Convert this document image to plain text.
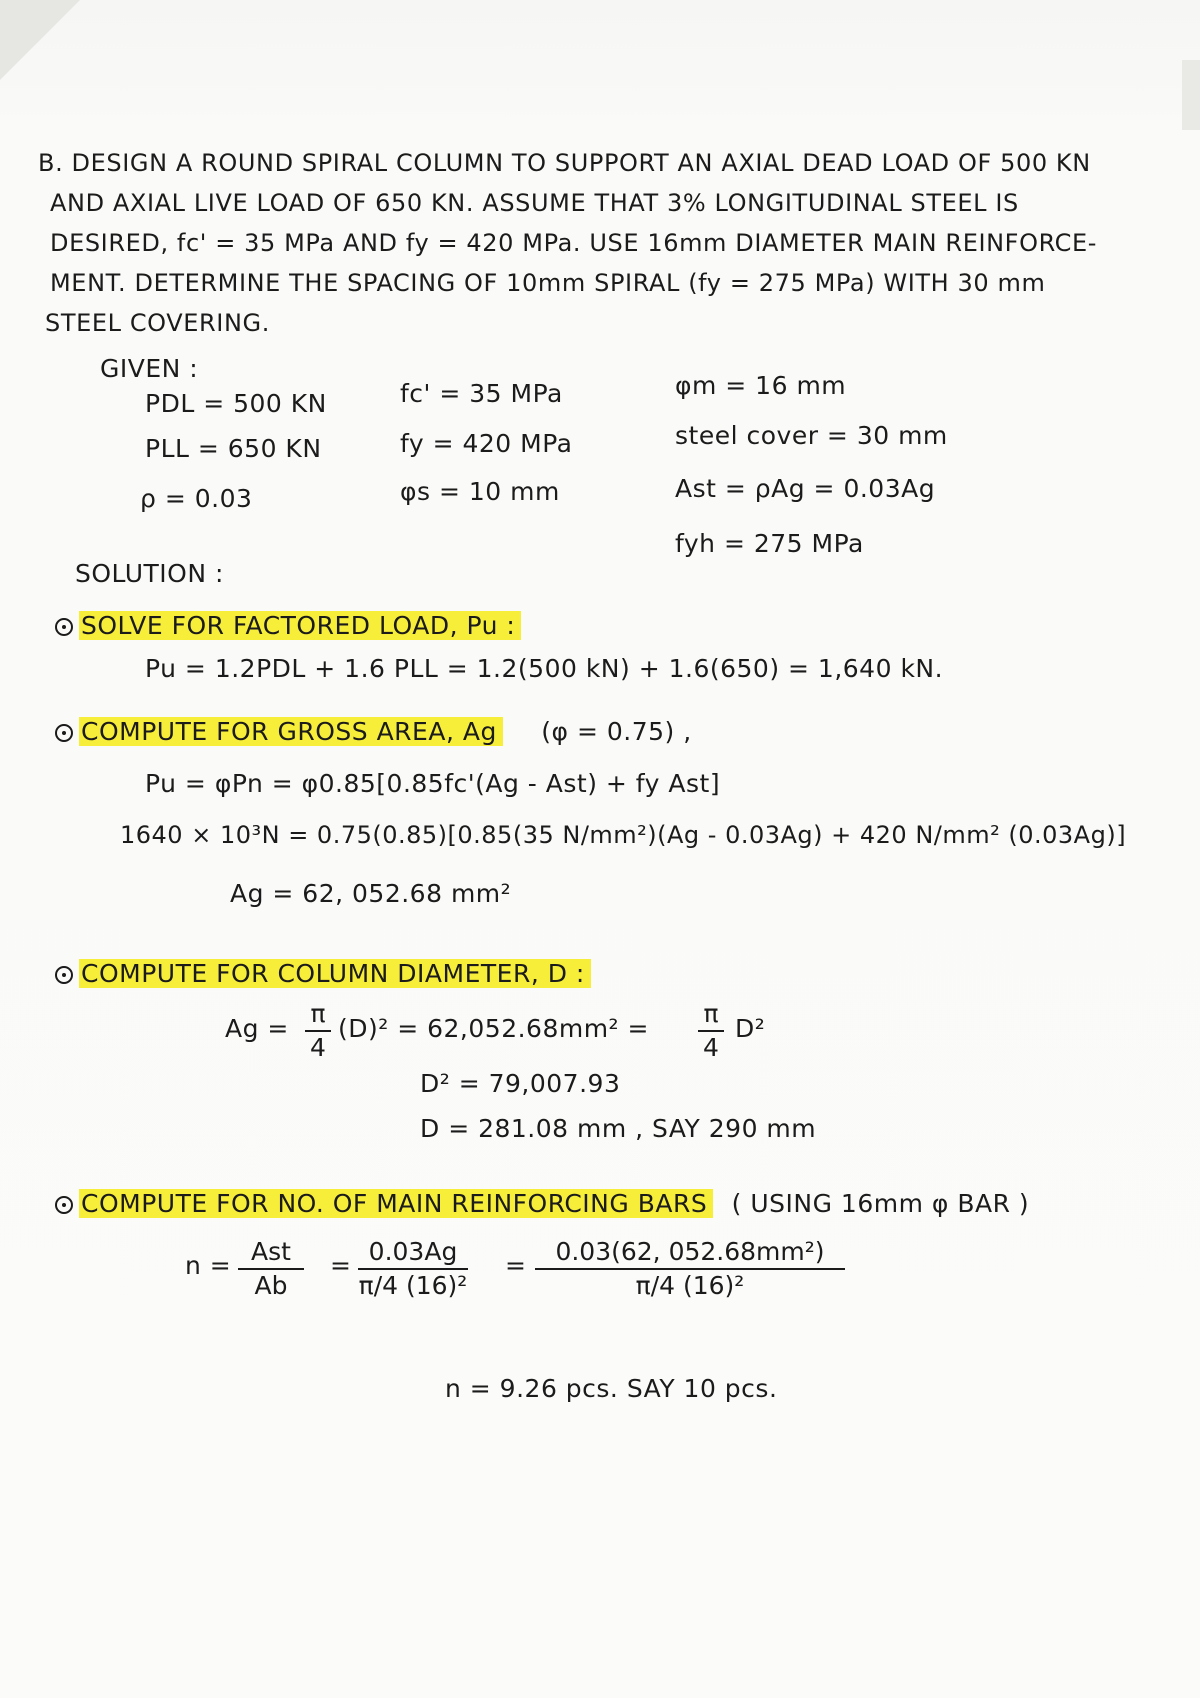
B. DESIGN A ROUND SPIRAL COLUMN TO SUPPORT AN AXIAL DEAD LOAD OF 500 KN
AND AXIAL LIVE LOAD OF 650 KN. ASSUME THAT 3% LONGITUDINAL STEEL IS
DESIRED, fc' = 35 MPa AND fy = 420 MPa. USE 16mm DIAMETER MAIN REINFORCE-
MENT. DETERMINE THE SPACING OF 10mm SPIRAL (fy = 275 MPa) WITH 30 mm
STEEL COVERING.
GIVEN :
PDL = 500 KN
PLL = 650 KN
ρ = 0.03
fc' = 35 MPa
fy = 420 MPa
φs = 10 mm
φm = 16 mm
steel cover = 30 mm
Ast = ρAg = 0.03Ag
fyh = 275 MPa
SOLUTION :
SOLVE FOR FACTORED LOAD, Pu :
Pu = 1.2PDL + 1.6 PLL = 1.2(500 kN) + 1.6(650) = 1,640 kN.
COMPUTE FOR GROSS AREA, Ag (φ = 0.75) ,
Pu = φPn = φ0.85[0.85fc'(Ag - Ast) + fy Ast]
1640 × 10³N = 0.75(0.85)[0.85(35 N/mm²)(Ag - 0.03Ag) + 420 N/mm² (0.03Ag)]
Ag = 62, 052.68 mm²
COMPUTE FOR COLUMN DIAMETER, D :
Ag =
π
4
(D)² = 62,052.68mm² =
π
4
D²
D² = 79,007.93
D = 281.08 mm , SAY 290 mm
COMPUTE FOR NO. OF MAIN REINFORCING BARS ( USING 16mm φ BAR )
n = Ast
Ab
= 0.03Ag
π/4 (16)²
=	0.03(62, 052.68mm²)
π/4 (16)²
n = 9.26 pcs. SAY 10 pcs.
